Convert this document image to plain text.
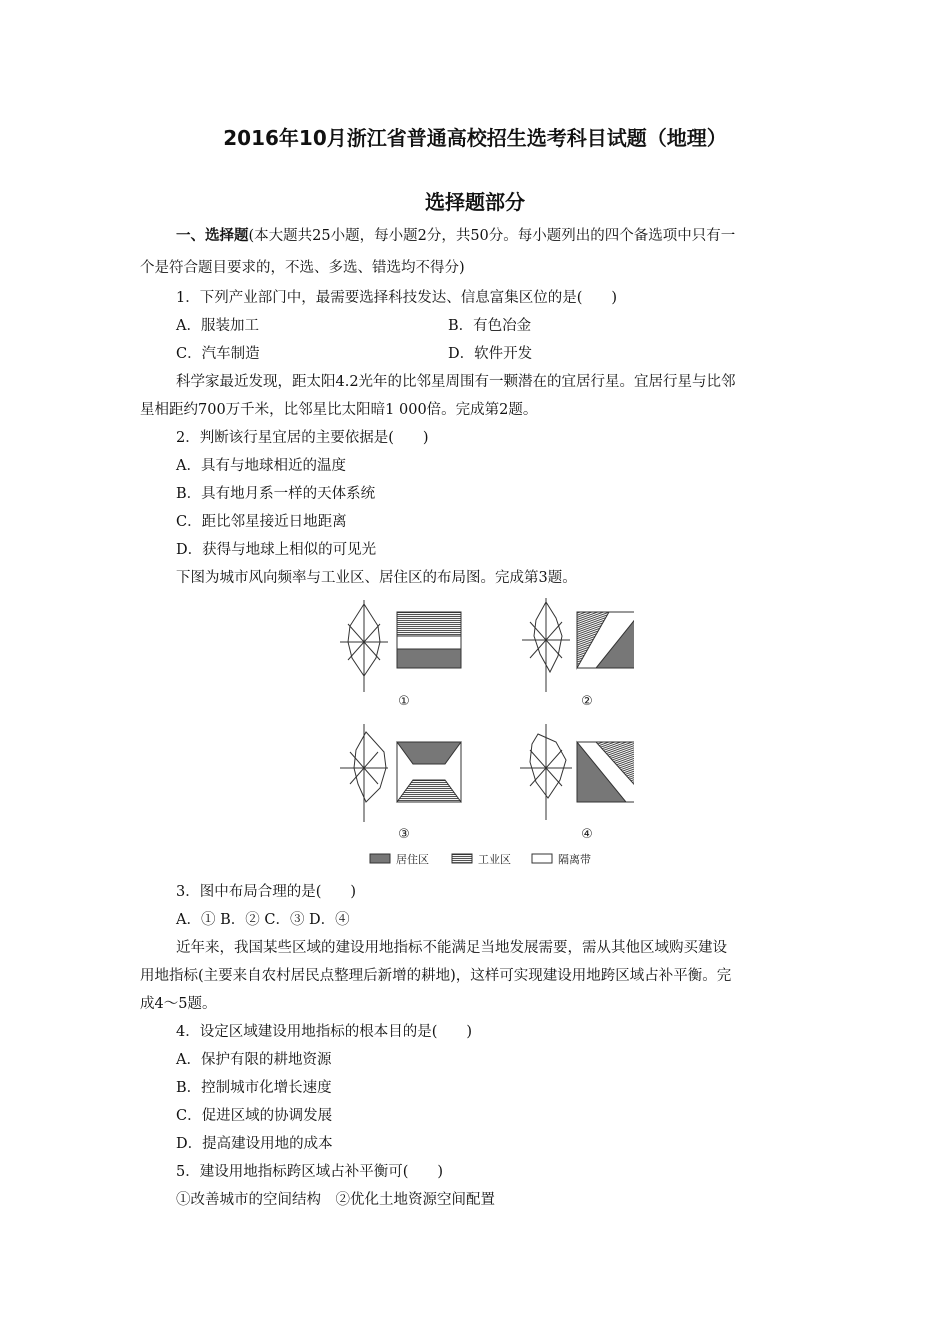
2016年10月浙江省普通高校招生选考科目试题（地理）
选择题部分
一、选择题(本大题共25小题，每小题2分，共50分。每小题列出的四个备选项中只有一
个是符合题目要求的，不选、多选、错选均不得分)
1．下列产业部门中，最需要选择科技发达、信息富集区位的是(　　)
A．服装加工	B．有色冶金
C．汽车制造	D．软件开发
科学家最近发现，距太阳4.2光年的比邻星周围有一颗潜在的宜居行星。宜居行星与比邻
星相距约700万千米，比邻星比太阳暗1 000倍。完成第2题。
2．判断该行星宜居的主要依据是(　　)
A．具有与地球相近的温度
B．具有地月系一样的天体系统
C．距比邻星接近日地距离
D．获得与地球上相似的可见光
下图为城市风向频率与工业区、居住区的布局图。完成第3题。
①	②
③	④
居住区	工业区	隔离带
3．图中布局合理的是(　　)
A．① B．② C．③ D．④
近年来，我国某些区域的建设用地指标不能满足当地发展需要，需从其他区域购买建设
用地指标(主要来自农村居民点整理后新增的耕地)，这样可实现建设用地跨区域占补平衡。完
成4～5题。
4．设定区域建设用地指标的根本目的是(　　)
A．保护有限的耕地资源
B．控制城市化增长速度
C．促进区域的协调发展
D．提高建设用地的成本
5．建设用地指标跨区域占补平衡可(　　)
①改善城市的空间结构　②优化土地资源空间配置
